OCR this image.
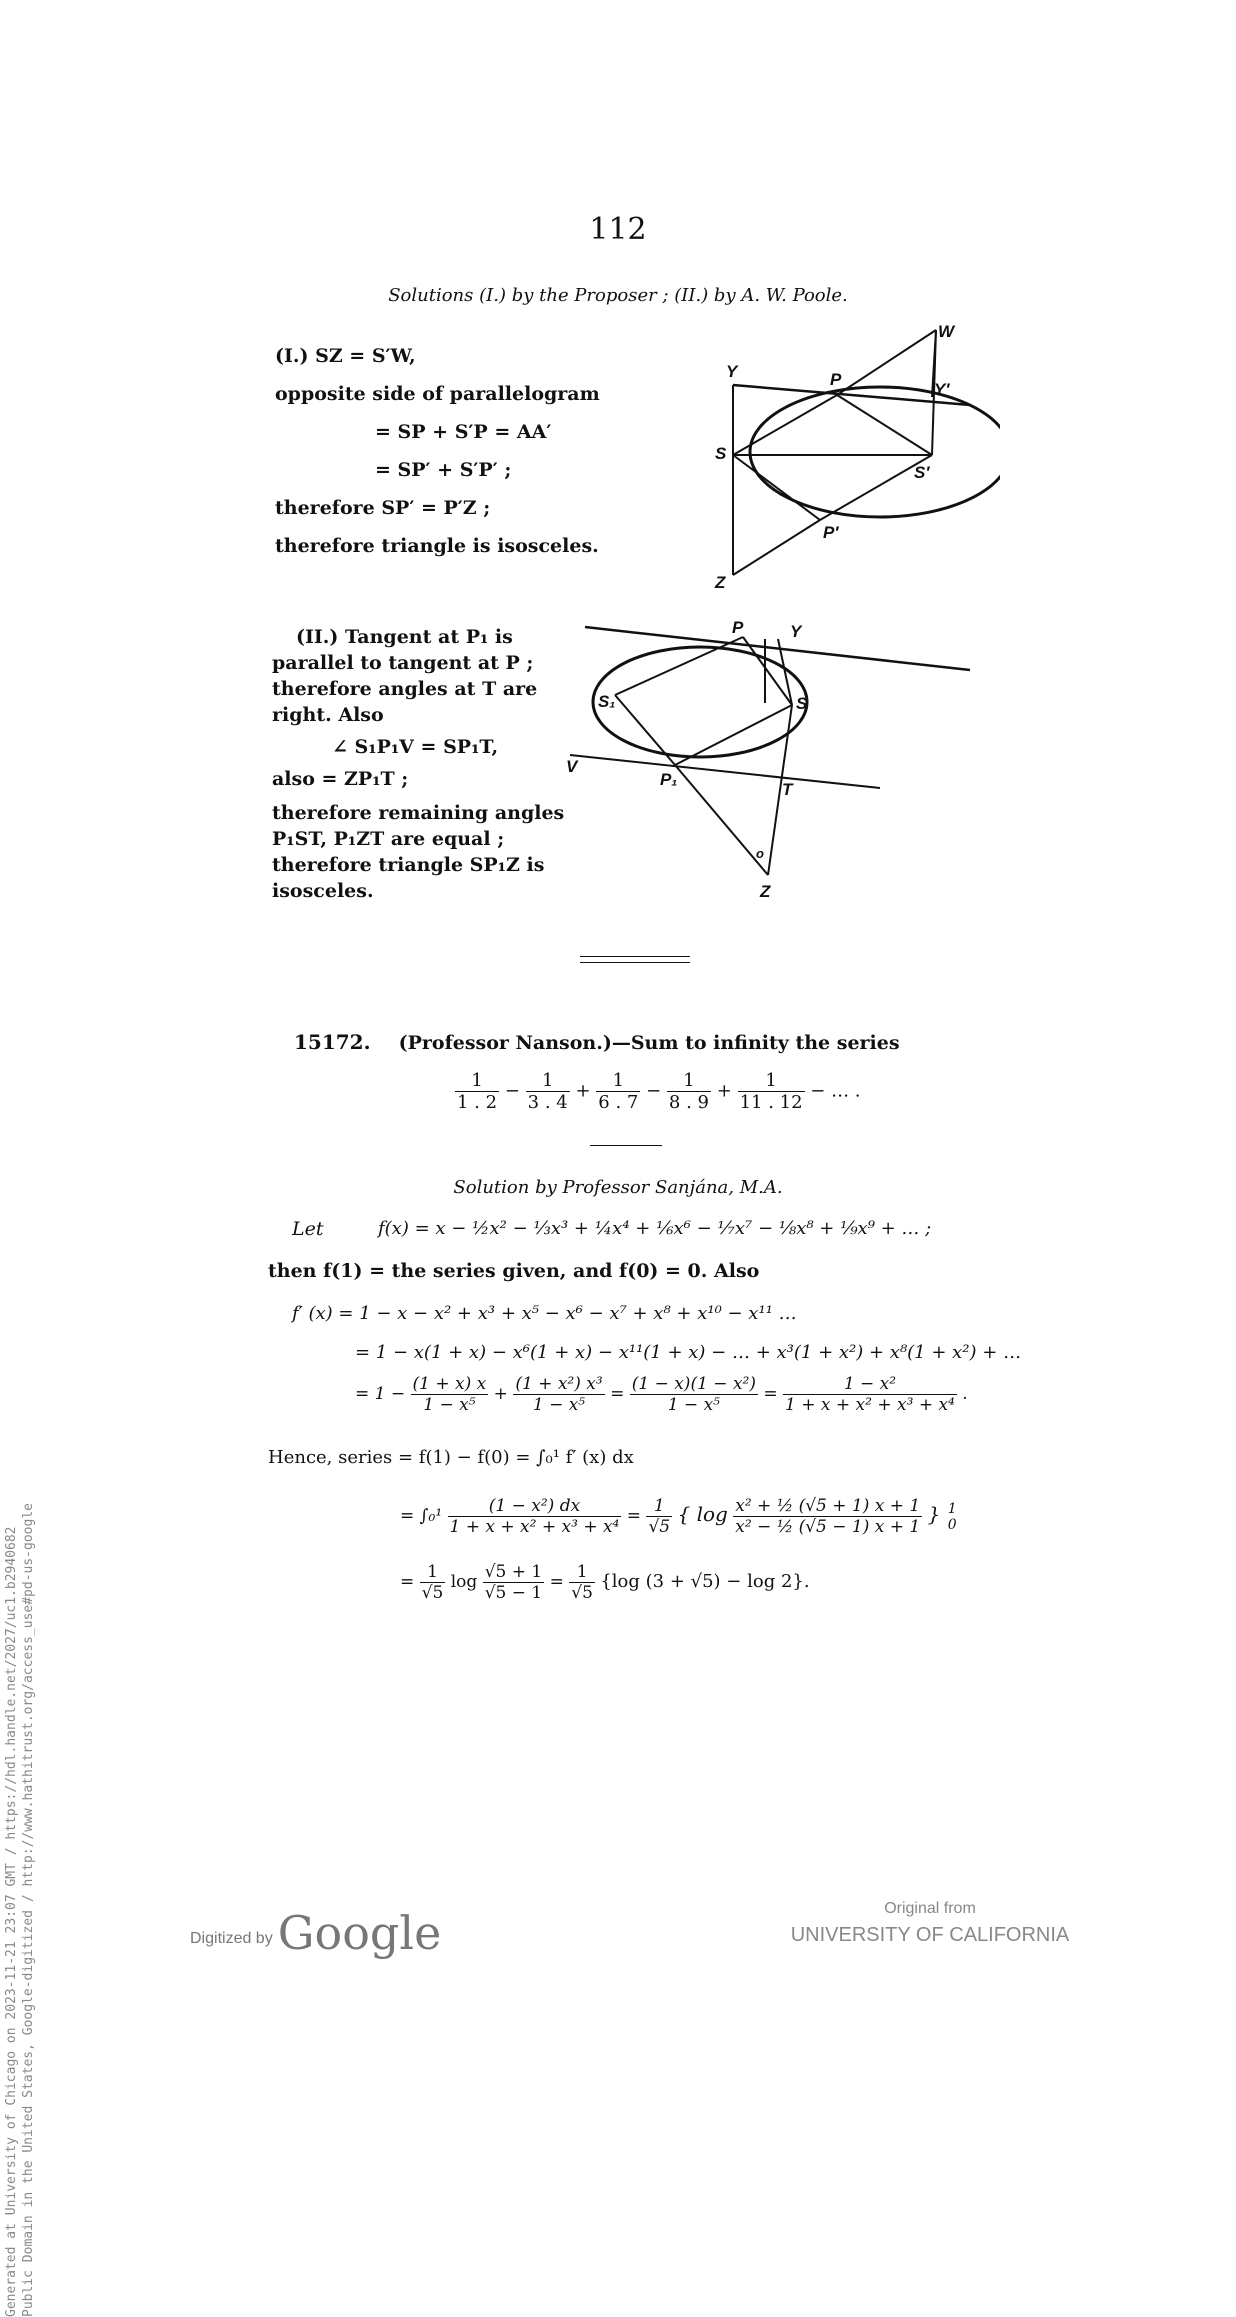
Generated at University of Chicago on 2023-11-21 23:07 GMT / https://hdl.handle.net/2027/uc1.b2940682 Public Domain in the United States, Google-digitized / http://www.hathitrust.org/access_use#pd-us-google
112
Solutions (I.) by the Proposer ; (II.) by A. W. Poole.
(I.) SZ = S′W,
opposite side of parallelogram
= SP + S′P = AA′
= SP′ + S′P′ ;
therefore SP′ = P′Z ;
therefore triangle is isosceles.
W
Y	P
Y′
S
S′
P′
Z
(II.) Tangent at P₁ is
parallel to tangent at P ;
therefore angles at T are
right. Also
∠ S₁P₁V = SP₁T,
also = ZP₁T ;
therefore remaining angles
P₁ST, P₁ZT are equal ;
therefore triangle SP₁Z is
isosceles.
P	Y
S₁	S
V
P₁
T
o
Z
15172. (Professor Nanson.)—Sum to infinity the series
$\frac{1}{1 . 2} - \frac{1}{3 . 4} + \frac{1}{6 . 7} - \frac{1}{8 . 9} + \frac{1}{11 . 12}$ − … .
Solution by Professor Sanjána, M.A.
Let	f(x) = x − ½x² − ⅓x³ + ¼x⁴ + ⅙x⁶ − ⅐x⁷ − ⅛x⁸ + ⅑x⁹ + … ;
then f(1) = the series given, and f(0) = 0. Also
f′ (x) = 1 − x − x² + x³ + x⁵ − x⁶ − x⁷ + x⁸ + x¹⁰ − x¹¹ …
= 1 − x(1 + x) − x⁶(1 + x) − x¹¹(1 + x) − … + x³(1 + x²) + x⁸(1 + x²) + …
= $1 - \frac{(1 + x) x}{\text{1 − x⁵}} + \frac{\text{(1 + x²) x³}}{\text{1 − x⁵}} = \frac{\text{(1 − x)(1 − x²)}}{\text{1 − x⁵}} = \frac{\text{1 − x²}}{\text{1 + x + x² + x³ + x⁴}}$ .
Hence, series = f(1) − f(0) = ∫₀¹ f′ (x) dx
= $\int_0^1 \frac{\text{(1 − x²) dx}}{\text{1 + x + x² + x³ + x⁴}} = \frac{1}{√5}$ { $\log \frac{\text{x² + ½ (√5 + 1) x + 1}}{\text{x² − ½ (√5 − 1) x + 1}}$ } 1
0
= $\frac{1}{√5}$ $\log \frac{√5 + 1}{√5 - 1} = \frac{1}{√5} \{\log$ (3 + √5) − log 2}.
Digitized by Google	Original from
UNIVERSITY OF CALIFORNIA
